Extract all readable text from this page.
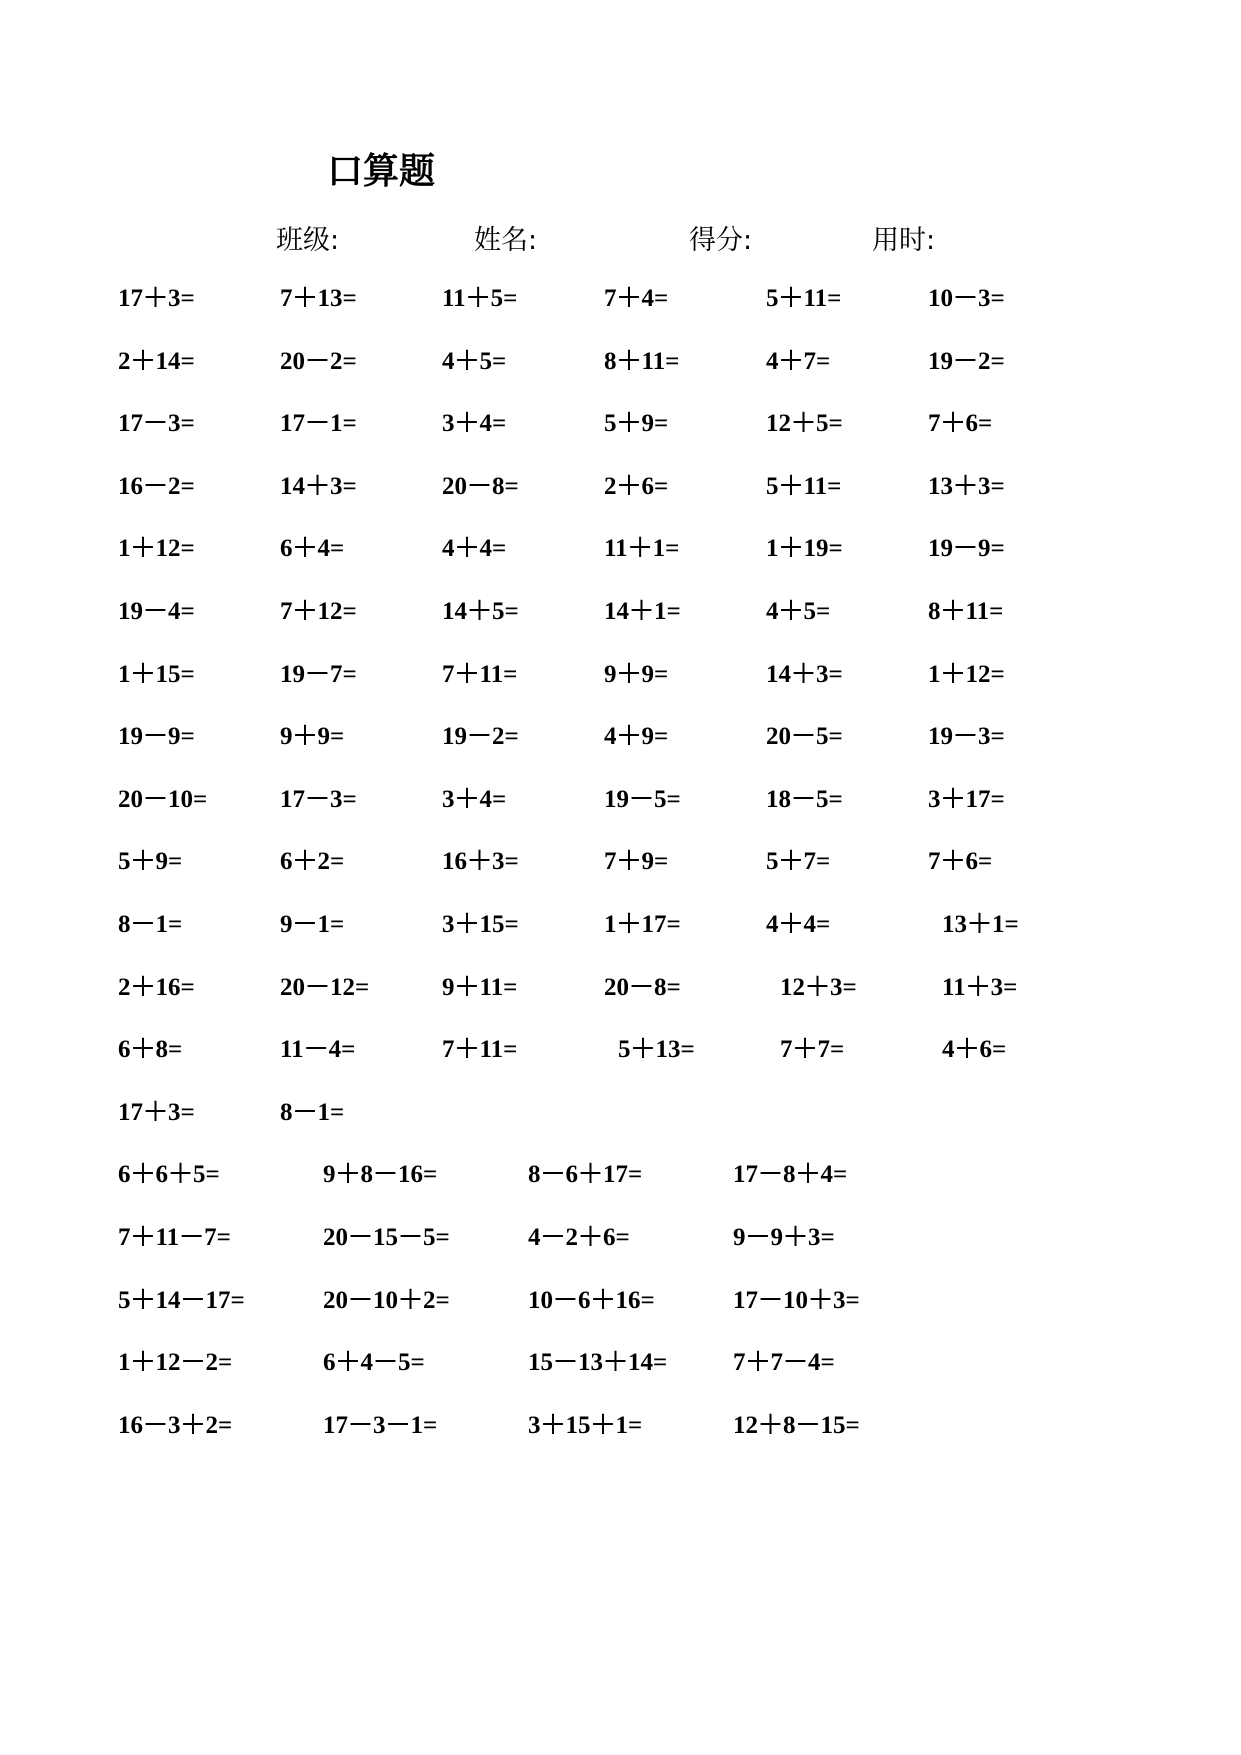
口算题
班级:	姓名:	得分:	用时:
17＋3=	7＋13=	11＋5=	7＋4=	5＋11=	10－3=
2＋14=	20－2=	4＋5=	8＋11=	4＋7=	19－2=
17－3=	17－1=	3＋4=	5＋9=	12＋5=	7＋6=
16－2=	14＋3=	20－8=	2＋6=	5＋11=	13＋3=
1＋12=	6＋4=	4＋4=	11＋1=	1＋19=	19－9=
19－4=	7＋12=	14＋5=	14＋1=	4＋5=	8＋11=
1＋15=	19－7=	7＋11=	9＋9=	14＋3=	1＋12=
19－9=	9＋9=	19－2=	4＋9=	20－5=	19－3=
20－10=	17－3=	3＋4=	19－5=	18－5=	3＋17=
5＋9=	6＋2=	16＋3=	7＋9=	5＋7=	7＋6=
8－1=	9－1=	3＋15=	1＋17=	4＋4=	13＋1=
2＋16=	20－12=	9＋11=	20－8=	12＋3=	11＋3=
6＋8=	11－4=	7＋11=	5＋13=	7＋7=	4＋6=
17＋3=	8－1=
6＋6＋5=	9＋8－16=	8－6＋17=	17－8＋4=
7＋11－7=	20－15－5=	4－2＋6=	9－9＋3=
5＋14－17=	20－10＋2=	10－6＋16=	17－10＋3=
1＋12－2=	6＋4－5=	15－13＋14=	7＋7－4=
16－3＋2=	17－3－1=	3＋15＋1=	12＋8－15=
